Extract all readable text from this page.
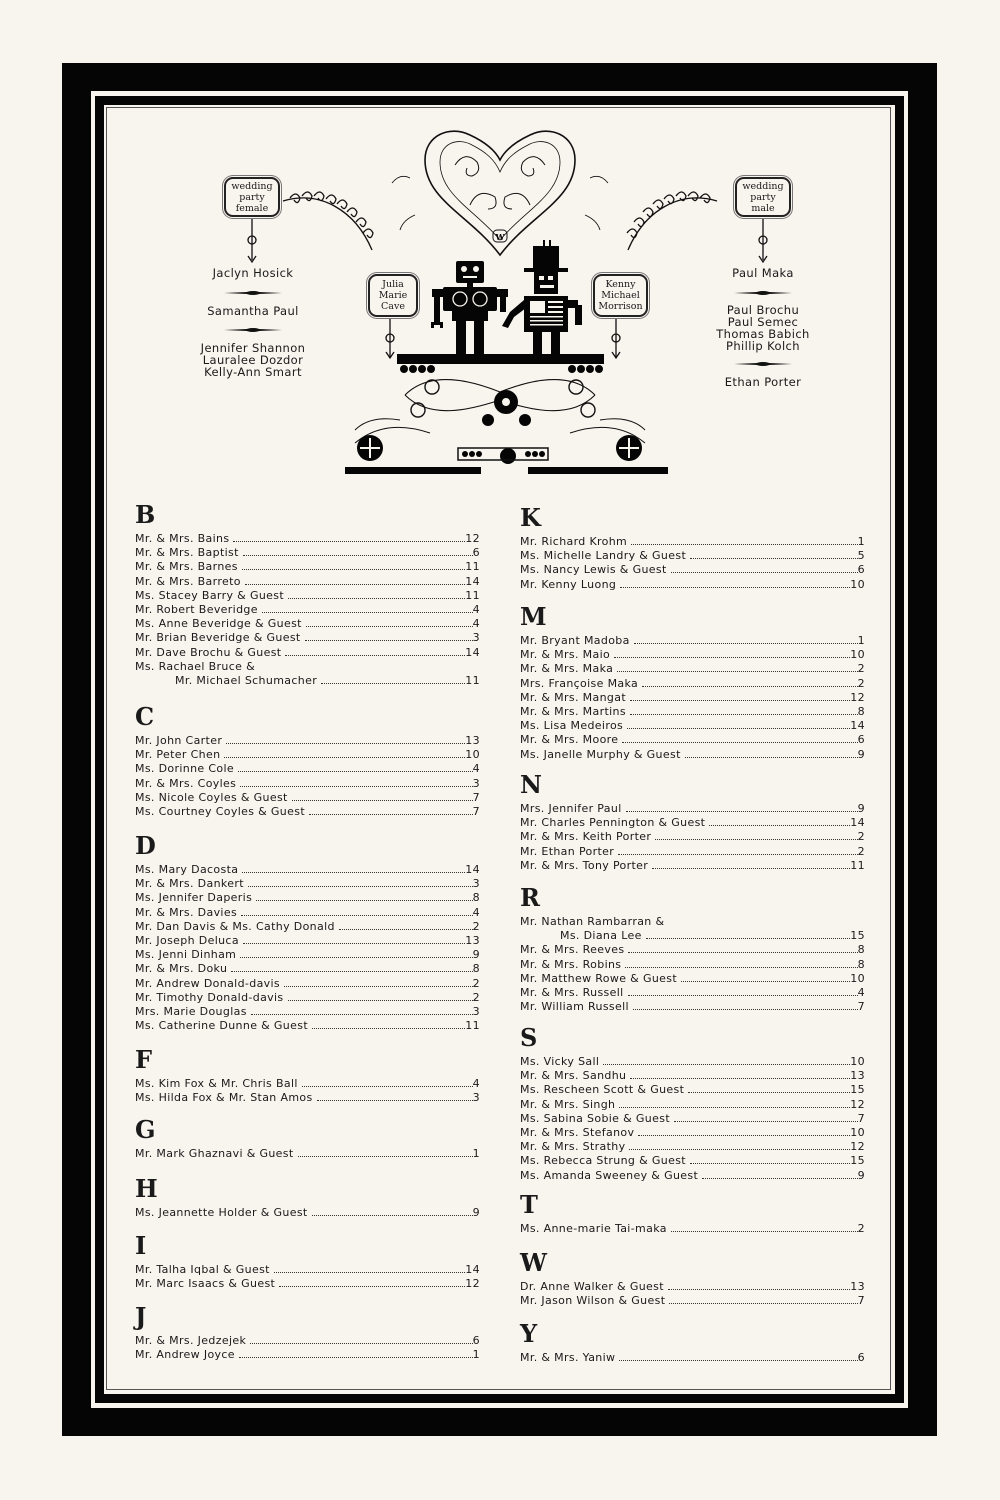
W
wedding
party
female
wedding
party
male
Julia
Marie
Cave
Kenny
Michael
Morrison
Jaclyn Hosick
Samantha Paul
Jennifer Shannon
Lauralee Dozdor
Kelly-Ann Smart
Paul Maka
Paul Brochu
Paul Semec
Thomas Babich
Phillip Kolch
Ethan Porter
B
Mr. & Mrs. Bains	12
Mr. & Mrs. Baptist	6
Mr. & Mrs. Barnes	11
Mr. & Mrs. Barreto	14
Ms. Stacey Barry & Guest	11
Mr. Robert Beveridge	4
Ms. Anne Beveridge & Guest	4
Mr. Brian Beveridge & Guest	3
Mr. Dave Brochu & Guest	14
Ms. Rachael Bruce &
Mr. Michael Schumacher	11
C
Mr. John Carter	13
Mr. Peter Chen	10
Ms. Dorinne Cole	4
Mr. & Mrs. Coyles	3
Ms. Nicole Coyles & Guest	7
Ms. Courtney Coyles & Guest	7
D
Ms. Mary Dacosta	14
Mr. & Mrs. Dankert	3
Ms. Jennifer Daperis	8
Mr. & Mrs. Davies	4
Mr. Dan Davis & Ms. Cathy Donald	2
Mr. Joseph Deluca	13
Ms. Jenni Dinham	9
Mr. & Mrs. Doku	8
Mr. Andrew Donald-davis	2
Mr. Timothy Donald-davis	2
Mrs. Marie Douglas	3
Ms. Catherine Dunne & Guest	11
F
Ms. Kim Fox & Mr. Chris Ball	4
Ms. Hilda Fox & Mr. Stan Amos	3
G
Mr. Mark Ghaznavi & Guest	1
H
Ms. Jeannette Holder & Guest	9
I
Mr. Talha Iqbal & Guest	14
Mr. Marc Isaacs & Guest	12
J
Mr. & Mrs. Jedzejek	6
Mr. Andrew Joyce	1
K
Mr. Richard Krohm	1
Ms. Michelle Landry & Guest	5
Ms. Nancy Lewis & Guest	6
Mr. Kenny Luong	10
M
Mr. Bryant Madoba	1
Mr. & Mrs. Maio	10
Mr. & Mrs. Maka	2
Mrs. Françoise Maka	2
Mr. & Mrs. Mangat	12
Mr. & Mrs. Martins	8
Ms. Lisa Medeiros	14
Mr. & Mrs. Moore	6
Ms. Janelle Murphy & Guest	9
N
Mrs. Jennifer Paul	9
Mr. Charles Pennington & Guest	14
Mr. & Mrs. Keith Porter	2
Mr. Ethan Porter	2
Mr. & Mrs. Tony Porter	11
R
Mr. Nathan Rambarran &
Ms. Diana Lee	15
Mr. & Mrs. Reeves	8
Mr. & Mrs. Robins	8
Mr. Matthew Rowe & Guest	10
Mr. & Mrs. Russell	4
Mr. William Russell	7
S
Ms. Vicky Sall	10
Mr. & Mrs. Sandhu	13
Ms. Rescheen Scott & Guest	15
Mr. & Mrs. Singh	12
Ms. Sabina Sobie & Guest	7
Mr. & Mrs. Stefanov	10
Mr. & Mrs. Strathy	12
Ms. Rebecca Strung & Guest	15
Ms. Amanda Sweeney & Guest	9
T
Ms. Anne-marie Tai-maka	2
W
Dr. Anne Walker & Guest	13
Mr. Jason Wilson & Guest	7
Y
Mr. & Mrs. Yaniw	6
